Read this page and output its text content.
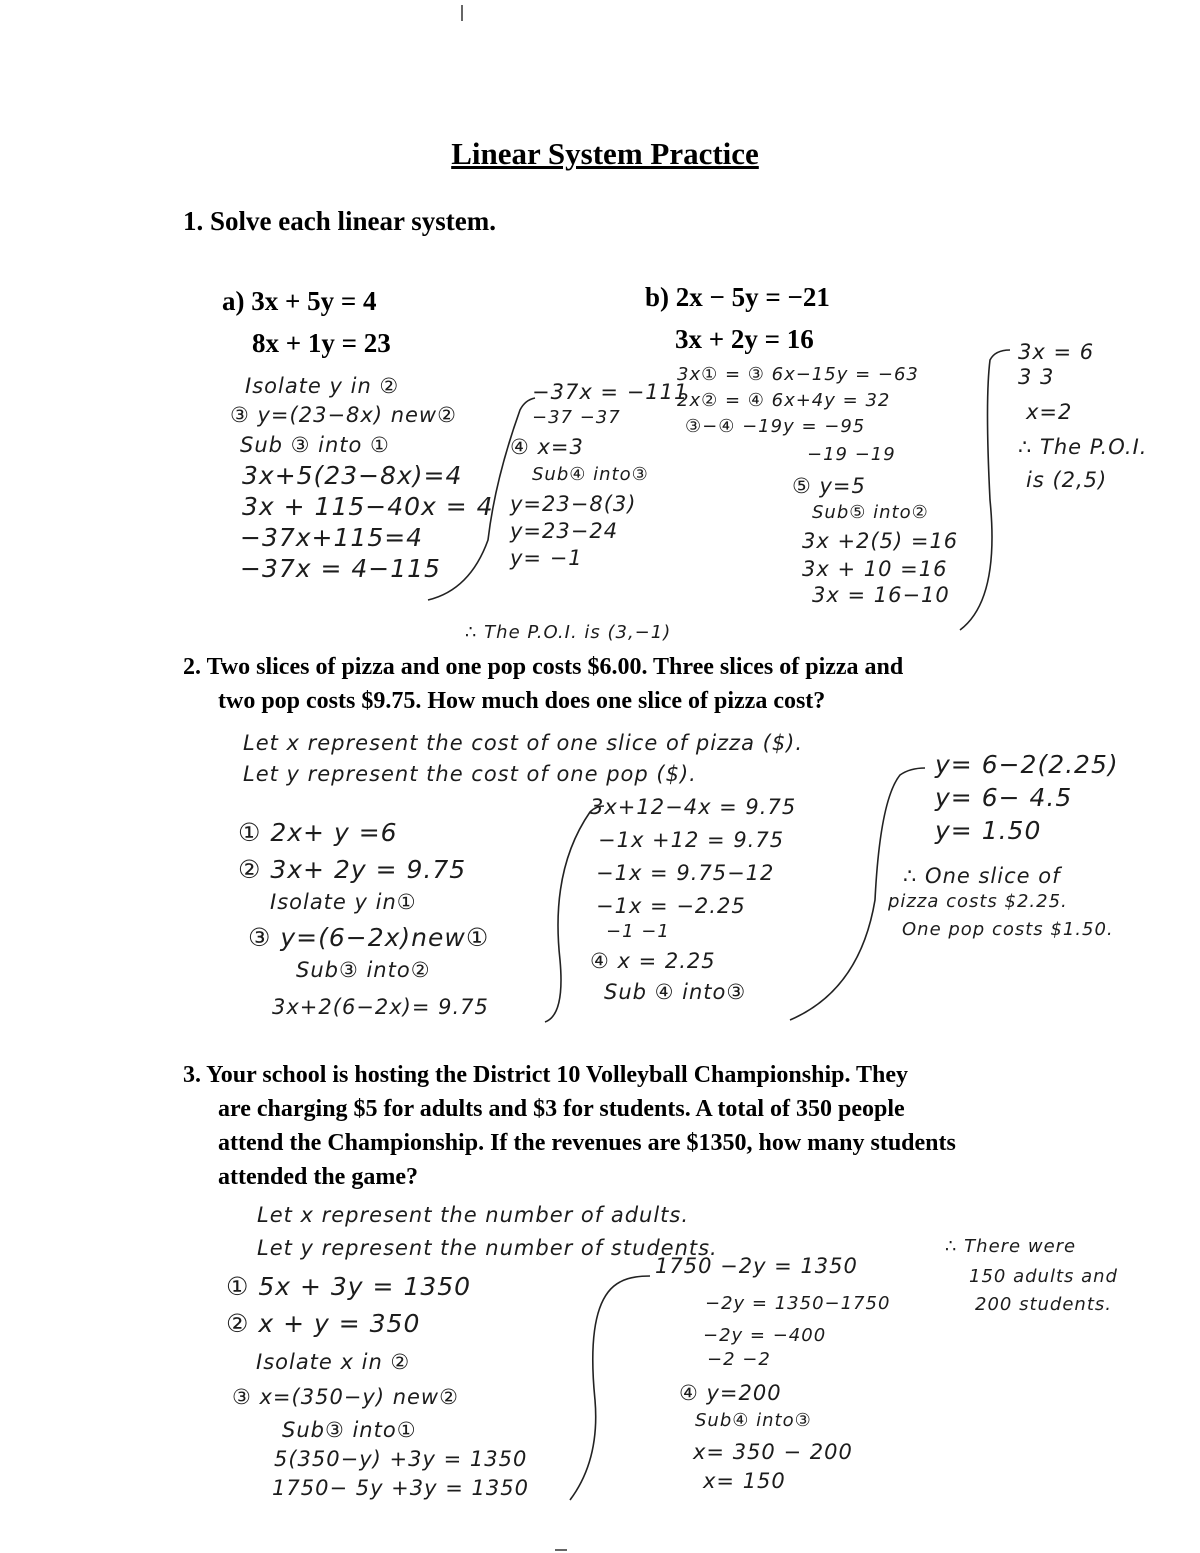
Linear System Practice
1. Solve each linear system.
a) 3x + 5y = 4
8x + 1y = 23
b) 2x − 5y = −21
3x + 2y = 16
Isolate y in ②
③ y=(23−8x) new②
Sub ③ into ①
3x+5(23−8x)=4
3x + 115−40x = 4
−37x+115=4
−37x = 4−115
−37x = −111
−37 −37
④ x=3
Sub④ into③
y=23−8(3)
y=23−24
y= −1
∴ The P.O.I. is (3,−1)
3x① = ③ 6x−15y = −63
2x② = ④ 6x+4y = 32
③−④ −19y = −95
−19 −19
⑤ y=5
Sub⑤ into②
3x +2(5) =16
3x + 10 =16
3x = 16−10
3x = 6
3 3
x=2
∴ The P.O.I.
is (2,5)
2. Two slices of pizza and one pop costs $6.00. Three slices of pizza and
two pop costs $9.75. How much does one slice of pizza cost?
Let x represent the cost of one slice of pizza ($).
Let y represent the cost of one pop ($).
① 2x+ y =6
② 3x+ 2y = 9.75
Isolate y in①
③ y=(6−2x)new①
Sub③ into②
3x+2(6−2x)= 9.75
3x+12−4x = 9.75
−1x +12 = 9.75
−1x = 9.75−12
−1x = −2.25
−1 −1
④ x = 2.25
Sub ④ into③
y= 6−2(2.25)
y= 6− 4.5
y= 1.50
∴ One slice of
pizza costs $2.25.
One pop costs $1.50.
3. Your school is hosting the District 10 Volleyball Championship. They
are charging $5 for adults and $3 for students. A total of 350 people
attend the Championship. If the revenues are $1350, how many students
attended the game?
Let x represent the number of adults.
Let y represent the number of students.
① 5x + 3y = 1350
② x + y = 350
Isolate x in ②
③ x=(350−y) new②
Sub③ into①
5(350−y) +3y = 1350
1750− 5y +3y = 1350
1750 −2y = 1350
−2y = 1350−1750
−2y = −400
−2 −2
④ y=200
Sub④ into③
x= 350 − 200
x= 150
∴ There were
150 adults and
200 students.
